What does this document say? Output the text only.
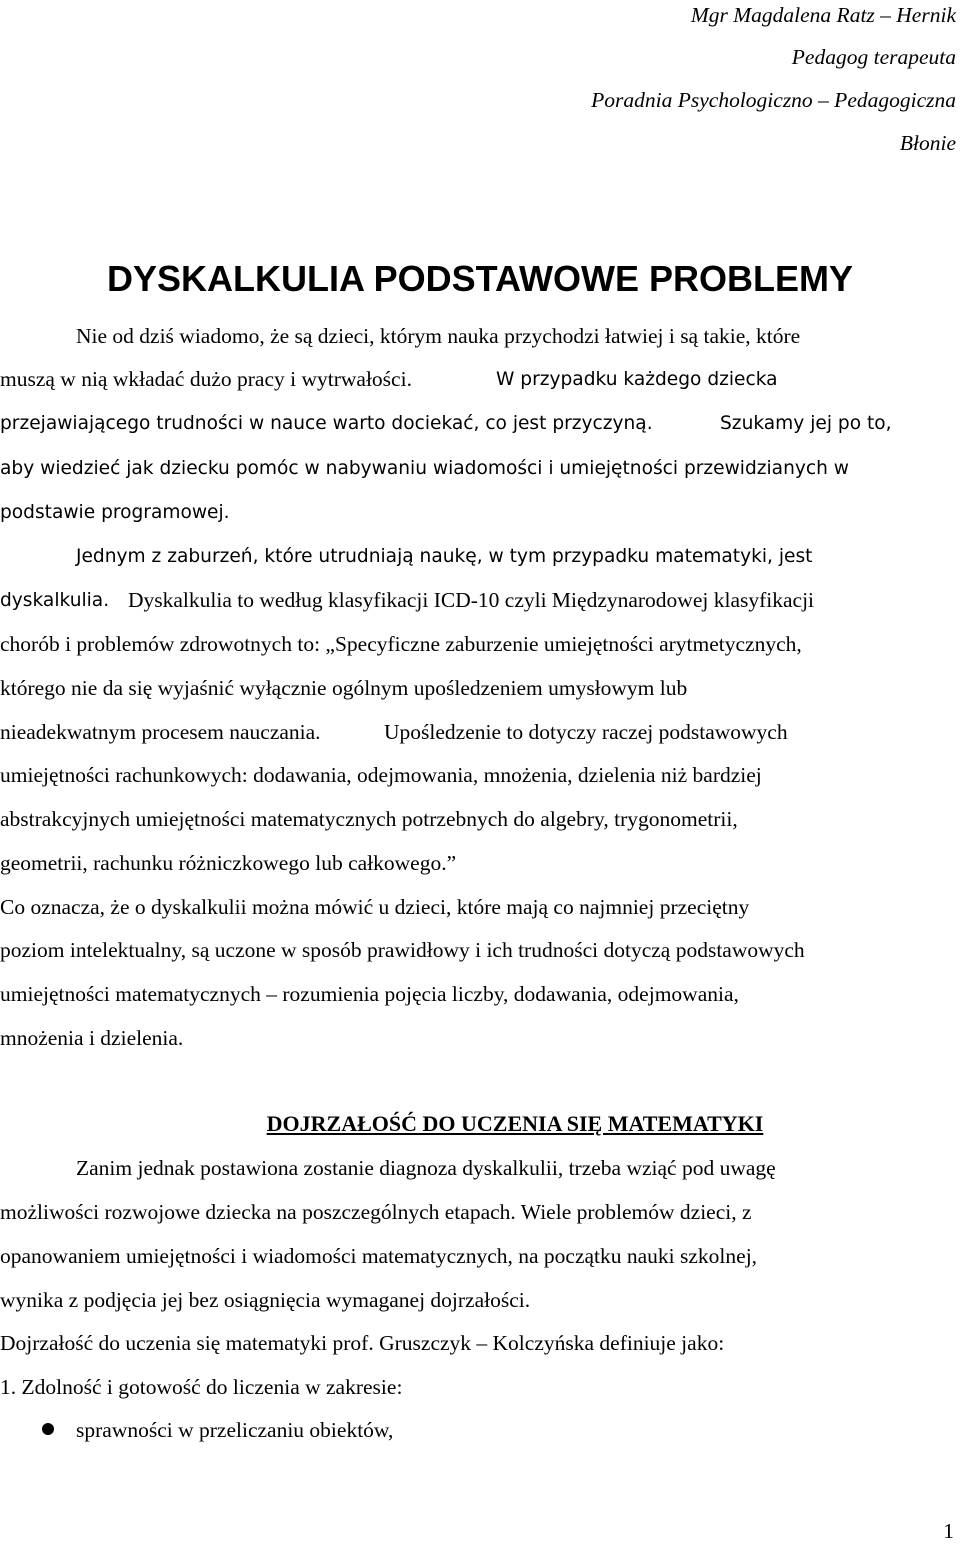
Mgr Magdalena Ratz – Hernik
Pedagog terapeuta
Poradnia Psychologiczno – Pedagogiczna
Błonie
DYSKALKULIA PODSTAWOWE PROBLEMY
Nie od dziś wiadomo, że są dzieci, którym nauka przychodzi łatwiej i są takie, które
muszą w nią wkładać dużo pracy i wytrwałości.	W przypadku każdego dziecka
przejawiającego trudności w nauce warto dociekać, co jest przyczyną.	Szukamy jej po to,
aby wiedzieć jak dziecku pomóc w nabywaniu wiadomości i umiejętności przewidzianych w
podstawie programowej.
Jednym z zaburzeń, które utrudniają naukę, w tym przypadku matematyki, jest
dyskalkulia. Dyskalkulia to według klasyfikacji ICD-10 czyli Międzynarodowej klasyfikacji
chorób i problemów zdrowotnych to: „Specyficzne zaburzenie umiejętności arytmetycznych,
którego nie da się wyjaśnić wyłącznie ogólnym upośledzeniem umysłowym lub
nieadekwatnym procesem nauczania.	Upośledzenie to dotyczy raczej podstawowych
umiejętności rachunkowych: dodawania, odejmowania, mnożenia, dzielenia niż bardziej
abstrakcyjnych umiejętności matematycznych potrzebnych do algebry, trygonometrii,
geometrii, rachunku różniczkowego lub całkowego.”
Co oznacza, że o dyskalkulii można mówić u dzieci, które mają co najmniej przeciętny
poziom intelektualny, są uczone w sposób prawidłowy i ich trudności dotyczą podstawowych
umiejętności matematycznych – rozumienia pojęcia liczby, dodawania, odejmowania,
mnożenia i dzielenia.
DOJRZAŁOŚĆ DO UCZENIA SIĘ MATEMATYKI
Zanim jednak postawiona zostanie diagnoza dyskalkulii, trzeba wziąć pod uwagę
możliwości rozwojowe dziecka na poszczególnych etapach. Wiele problemów dzieci, z
opanowaniem umiejętności i wiadomości matematycznych, na początku nauki szkolnej,
wynika z podjęcia jej bez osiągnięcia wymaganej dojrzałości.
Dojrzałość do uczenia się matematyki prof. Gruszczyk – Kolczyńska definiuje jako:
1. Zdolność i gotowość do liczenia w zakresie:
sprawności w przeliczaniu obiektów,
1
